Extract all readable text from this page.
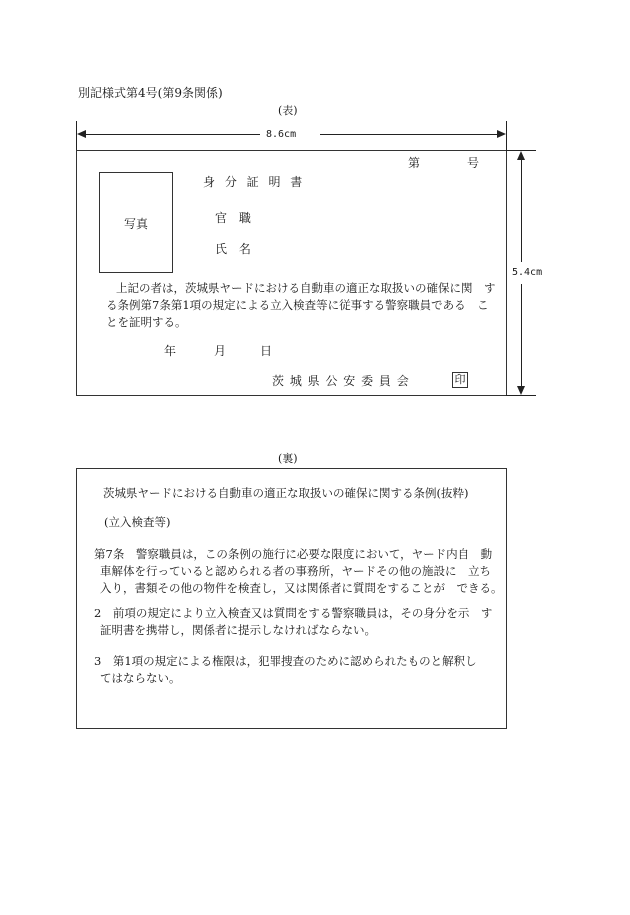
別記様式第4号(第9条関係)
(表)
8.6cm
5.4cm
第	号
写真
身 分 証 明 書
官 職
氏 名
上記の者は，茨城県ヤードにおける自動車の適正な取扱いの確保に関　す
る条例第7条第1項の規定による立入検査等に従事する警察職員である　こ
とを証明する。
年	月	日
茨 城 県 公 安 委 員 会	印
(裏)
茨城県ヤードにおける自動車の適正な取扱いの確保に関する条例(抜粋)
(立入検査等)
第7条　警察職員は，この条例の施行に必要な限度において，ヤード内自　動
車解体を行っていると認められる者の事務所，ヤードその他の施設に　立ち
入り，書類その他の物件を検査し，又は関係者に質問をすることが　できる。
2　前項の規定により立入検査又は質問をする警察職員は，その身分を示　す
証明書を携帯し，関係者に提示しなければならない。
3　第1項の規定による権限は，犯罪捜査のために認められたものと解釈し
てはならない。
